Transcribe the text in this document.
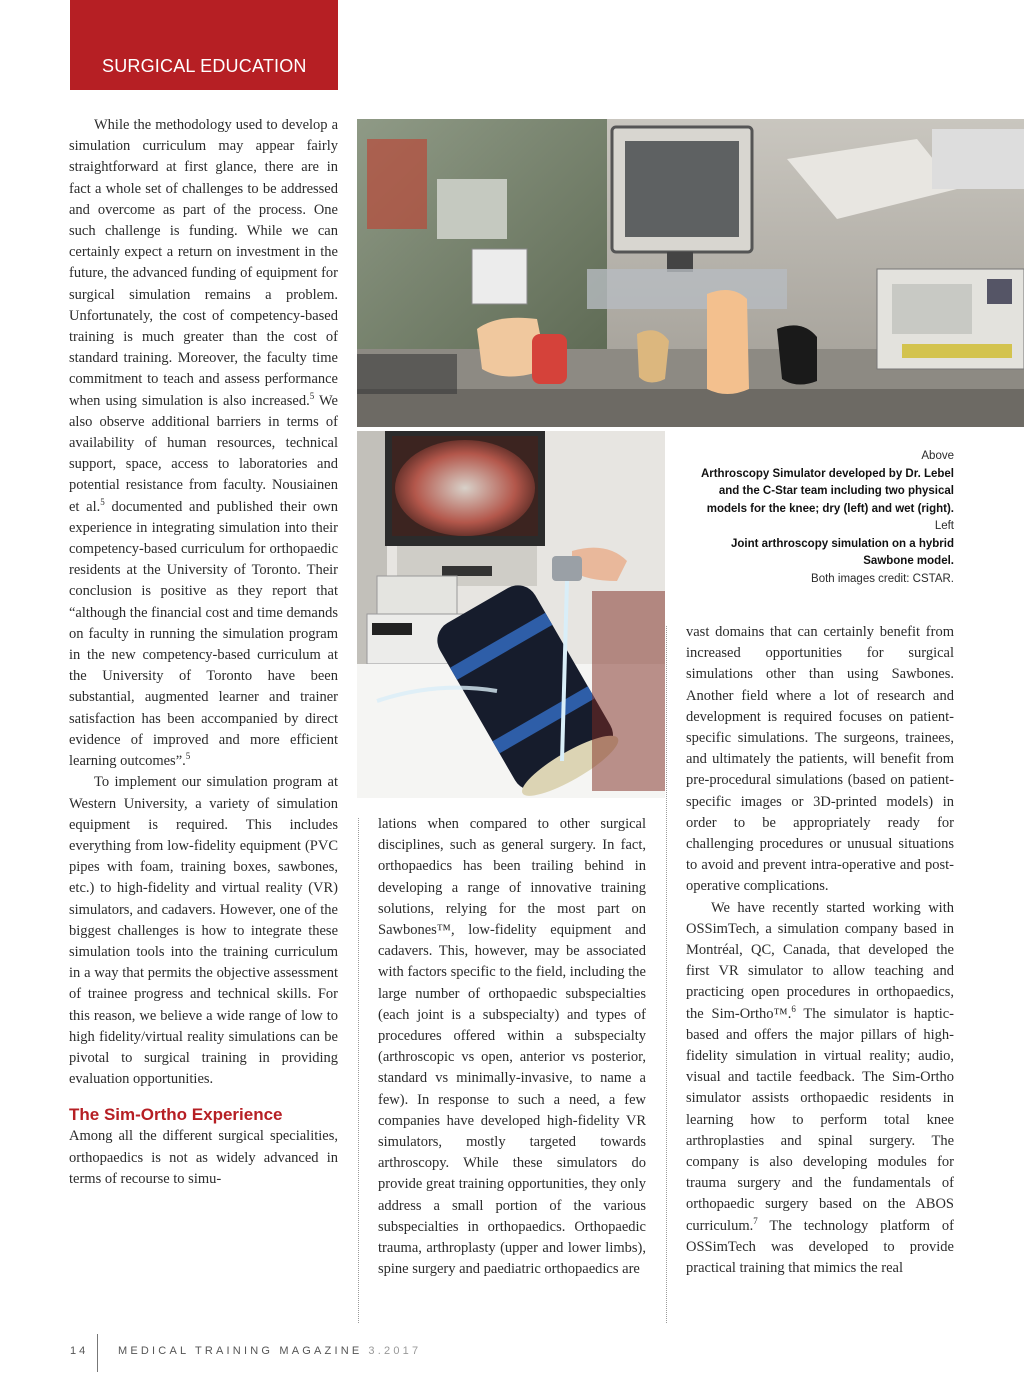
SURGICAL EDUCATION

While the methodology used to develop a simulation curriculum may appear fairly straightforward at first glance, there are in fact a whole set of challenges to be addressed and overcome as part of the process. One such challenge is funding. While we can certainly expect a return on investment in the future, the advanced funding of equipment for surgical simulation remains a problem. Unfortunately, the cost of competency-based training is much greater than the cost of standard training. Moreover, the faculty time commitment to teach and assess performance when using simulation is also increased.$^5$ We also observe additional barriers in terms of availability of human resources, technical support, space, access to laboratories and potential resistance from faculty. Nousiainen et al.$^5$ documented and published their own experience in integrating simulation into their competency-based curriculum for orthopaedic residents at the University of Toronto. Their conclusion is positive as they report that “although the financial cost and time demands on faculty in running the simulation program in the new competency-based curriculum at the University of Toronto have been substantial, augmented learner and trainer satisfaction has been accompanied by direct evidence of improved and more efficient learning outcomes”.$^5$

To implement our simulation program at Western University, a variety of simulation equipment is required. This includes everything from low-fidelity equipment (PVC pipes with foam, training boxes, sawbones, etc.) to high-fidelity and virtual reality (VR) simulators, and cadavers. However, one of the biggest challenges is how to integrate these simulation tools into the training curriculum in a way that permits the objective assessment of trainee progress and technical skills. For this reason, we believe a wide range of low to high fidelity/virtual reality simulations can be pivotal to surgical training in providing evaluation opportunities.

The Sim-Ortho Experience

Among all the different surgical specialities, orthopaedics is not as widely advanced in terms of recourse to simu-

Above
Arthroscopy Simulator developed by Dr. Lebel and the C-Star team including two physical models for the knee; dry (left) and wet (right).
Left
Joint arthroscopy simulation on a hybrid Sawbone model.
Both images credit: CSTAR.

lations when compared to other surgical disciplines, such as general surgery. In fact, orthopaedics has been trailing behind in developing a range of innovative training solutions, relying for the most part on Sawbones™, low-fidelity equipment and cadavers. This, however, may be associated with factors specific to the field, including the large number of orthopaedic subspecialties (each joint is a subspecialty) and types of procedures offered within a subspecialty (arthroscopic vs open, anterior vs posterior, standard vs minimally-invasive, to name a few). In response to such a need, a few companies have developed high-fidelity VR simulators, mostly targeted towards arthroscopy. While these simulators do provide great training opportunities, they only address a small portion of the various subspecialties in orthopaedics. Orthopaedic trauma, arthroplasty (upper and lower limbs), spine surgery and paediatric orthopaedics are

vast domains that can certainly benefit from increased opportunities for surgical simulations other than using Sawbones. Another field where a lot of research and development is required focuses on patient-specific simulations. The surgeons, trainees, and ultimately the patients, will benefit from pre-procedural simulations (based on patient-specific images or 3D-printed models) in order to be appropriately ready for challenging procedures or unusual situations to avoid and prevent intra-operative and post-operative complications.

We have recently started working with OSSimTech, a simulation company based in Montréal, QC, Canada, that developed the first VR simulator to allow teaching and practicing open procedures in orthopaedics, the Sim-Ortho™.$^6$ The simulator is haptic-based and offers the major pillars of high-fidelity simulation in virtual reality; audio, visual and tactile feedback. The Sim-Ortho simulator assists orthopaedic residents in learning how to perform total knee arthroplasties and spinal surgery. The company is also developing modules for trauma surgery and the fundamentals of orthopaedic surgery based on the ABOS curriculum.$^7$ The technology platform of OSSimTech was developed to provide practical training that mimics the real

14	MEDICAL TRAINING MAGAZINE 3.2017
